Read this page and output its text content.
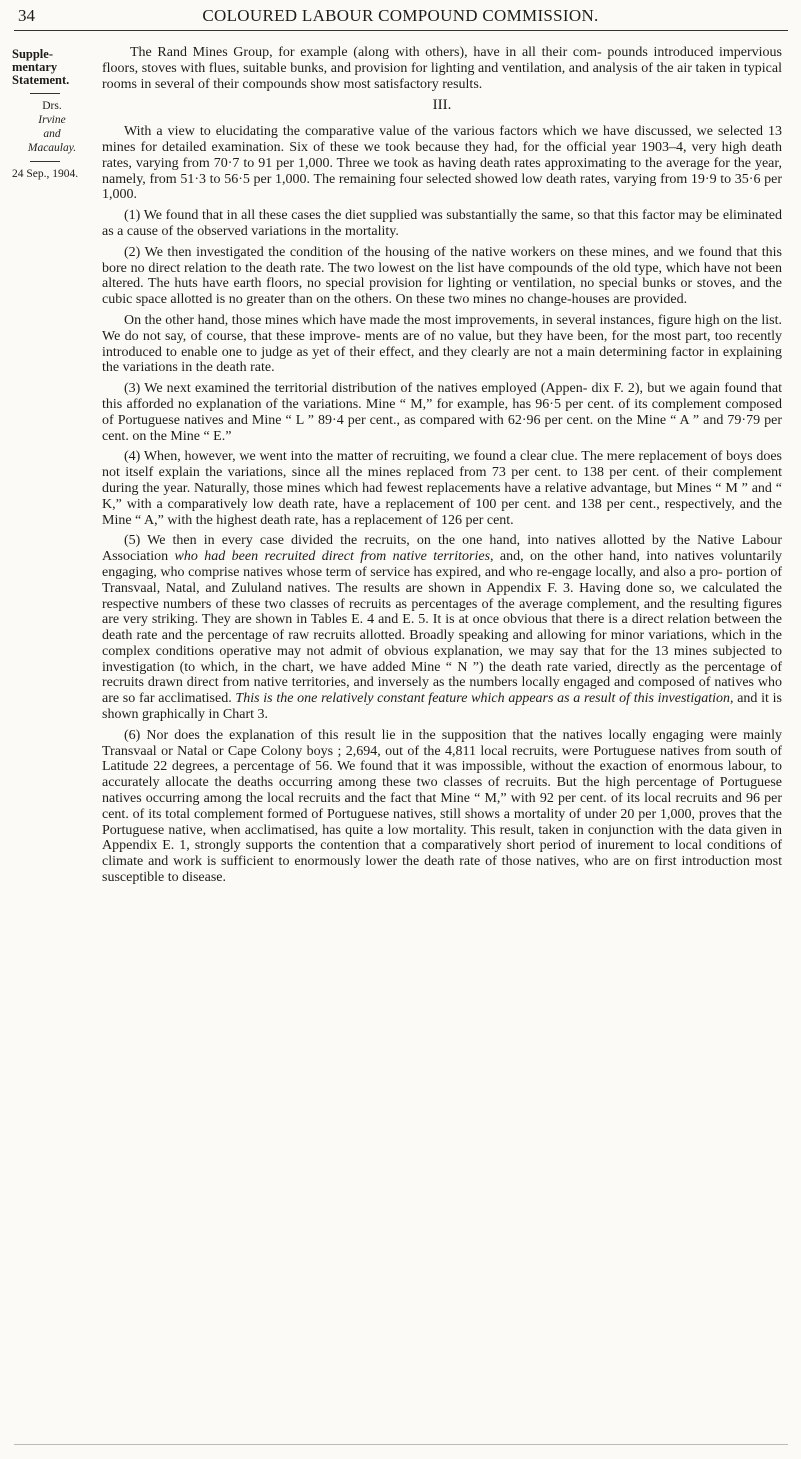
34	COLOURED LABOUR COMPOUND COMMISSION.
Supple-
mentary
Statement.
Drs.
Irvine
and
Macaulay.
24 Sep., 1904.

The Rand Mines Group, for example (along with others), have in all their com- pounds introduced impervious floors, stoves with flues, suitable bunks, and provision for lighting and ventilation, and analysis of the air taken in typical rooms in several of their compounds show most satisfactory results.

III.

With a view to elucidating the comparative value of the various factors which we have discussed, we selected 13 mines for detailed examination. Six of these we took because they had, for the official year 1903–4, very high death rates, varying from 70·7 to 91 per 1,000. Three we took as having death rates approximating to the average for the year, namely, from 51·3 to 56·5 per 1,000. The remaining four selected showed low death rates, varying from 19·9 to 35·6 per 1,000.

(1) We found that in all these cases the diet supplied was substantially the same, so that this factor may be eliminated as a cause of the observed variations in the mortality.

(2) We then investigated the condition of the housing of the native workers on these mines, and we found that this bore no direct relation to the death rate. The two lowest on the list have compounds of the old type, which have not been altered. The huts have earth floors, no special provision for lighting or ventilation, no special bunks or stoves, and the cubic space allotted is no greater than on the others. On these two mines no change-houses are provided.

On the other hand, those mines which have made the most improvements, in several instances, figure high on the list. We do not say, of course, that these improve- ments are of no value, but they have been, for the most part, too recently introduced to enable one to judge as yet of their effect, and they clearly are not a main determining factor in explaining the variations in the death rate.

(3) We next examined the territorial distribution of the natives employed (Appen- dix F. 2), but we again found that this afforded no explanation of the variations. Mine “ M,” for example, has 96·5 per cent. of its complement composed of Portuguese natives and Mine “ L ” 89·4 per cent., as compared with 62·96 per cent. on the Mine “ A ” and 79·79 per cent. on the Mine “ E.”

(4) When, however, we went into the matter of recruiting, we found a clear clue. The mere replacement of boys does not itself explain the variations, since all the mines replaced from 73 per cent. to 138 per cent. of their complement during the year. Naturally, those mines which had fewest replacements have a relative advantage, but Mines “ M ” and “ K,” with a comparatively low death rate, have a replacement of 100 per cent. and 138 per cent., respectively, and the Mine “ A,” with the highest death rate, has a replacement of 126 per cent.

(5) We then in every case divided the recruits, on the one hand, into natives allotted by the Native Labour Association who had been recruited direct from native territories, and, on the other hand, into natives voluntarily engaging, who comprise natives whose term of service has expired, and who re-engage locally, and also a pro- portion of Transvaal, Natal, and Zululand natives. The results are shown in Appendix F. 3. Having done so, we calculated the respective numbers of these two classes of recruits as percentages of the average complement, and the resulting figures are very striking. They are shown in Tables E. 4 and E. 5. It is at once obvious that there is a direct relation between the death rate and the percentage of raw recruits allotted. Broadly speaking and allowing for minor variations, which in the complex conditions operative may not admit of obvious explanation, we may say that for the 13 mines subjected to investigation (to which, in the chart, we have added Mine “ N ”) the death rate varied, directly as the percentage of recruits drawn direct from native territories, and inversely as the numbers locally engaged and composed of natives who are so far acclimatised. This is the one relatively constant feature which appears as a result of this investigation, and it is shown graphically in Chart 3.

(6) Nor does the explanation of this result lie in the supposition that the natives locally engaging were mainly Transvaal or Natal or Cape Colony boys ; 2,694, out of the 4,811 local recruits, were Portuguese natives from south of Latitude 22 degrees, a percentage of 56. We found that it was impossible, without the exaction of enormous labour, to accurately allocate the deaths occurring among these two classes of recruits. But the high percentage of Portuguese natives occurring among the local recruits and the fact that Mine “ M,” with 92 per cent. of its local recruits and 96 per cent. of its total complement formed of Portuguese natives, still shows a mortality of under 20 per 1,000, proves that the Portuguese native, when acclimatised, has quite a low mortality. This result, taken in conjunction with the data given in Appendix E. 1, strongly supports the contention that a comparatively short period of inurement to local conditions of climate and work is sufficient to enormously lower the death rate of those natives, who are on first introduction most susceptible to disease.
